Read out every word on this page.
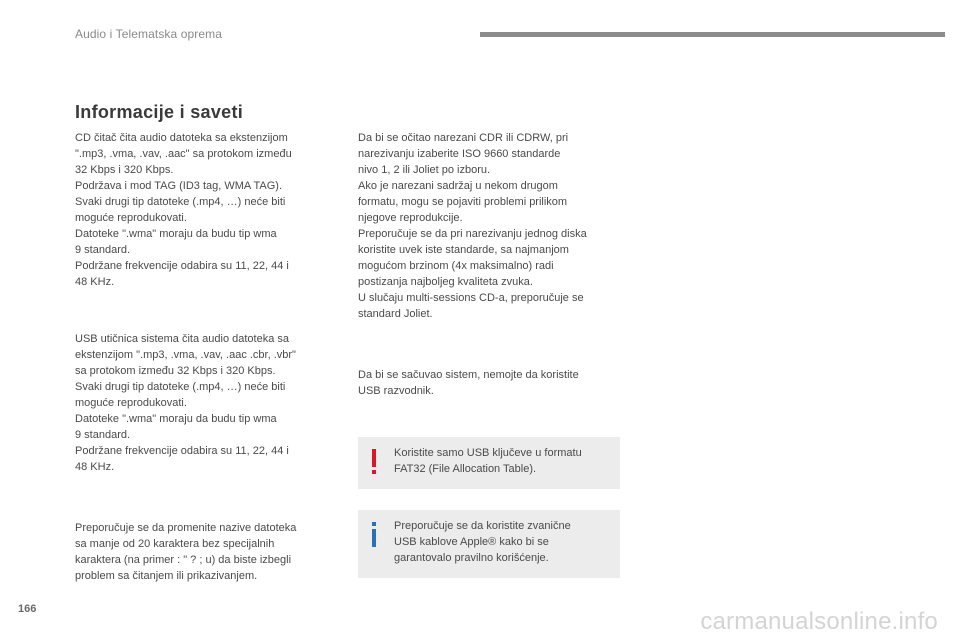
Audio i Telematska oprema
Informacije i saveti

CD čitač čita audio datoteka sa ekstenzijom
".mp3, .vma, .vav, .aac" sa protokom između
32 Kbps i 320 Kbps.
Podržava i mod TAG (ID3 tag, WMA TAG).
Svaki drugi tip datoteke (.mp4, …) neće biti
moguće reprodukovati.
Datoteke ".wma" moraju da budu tip wma
9 standard.
Podržane frekvencije odabira su 11, 22, 44 i
48 KHz.

USB utičnica sistema čita audio datoteka sa
ekstenzijom ".mp3, .vma, .vav, .aac .cbr, .vbr"
sa protokom između 32 Kbps i 320 Kbps.
Svaki drugi tip datoteke (.mp4, …) neće biti
moguće reprodukovati.
Datoteke ".wma" moraju da budu tip wma
9 standard.
Podržane frekvencije odabira su 11, 22, 44 i
48 KHz.

Preporučuje se da promenite nazive datoteka
sa manje od 20 karaktera bez specijalnih
karaktera (na primer : " ? ; u) da biste izbegli
problem sa čitanjem ili prikazivanjem.

Da bi se očitao narezani CDR ili CDRW, pri
narezivanju izaberite ISO 9660 standarde
nivo 1, 2 ili Joliet po izboru.
Ako je narezani sadržaj u nekom drugom
formatu, mogu se pojaviti problemi prilikom
njegove reprodukcije.
Preporučuje se da pri narezivanju jednog diska
koristite uvek iste standarde, sa najmanjom
mogućom brzinom (4x maksimalno) radi
postizanja najboljeg kvaliteta zvuka.
U slučaju multi-sessions CD-a, preporučuje se
standard Joliet.

Da bi se sačuvao sistem, nemojte da koristite
USB razvodnik.

Koristite samo USB ključeve u formatu
FAT32 (File Allocation Table).
Preporučuje se da koristite zvanične
USB kablove Apple® kako bi se
garantovalo pravilno korišćenje.
166	carmanualsonline.info
